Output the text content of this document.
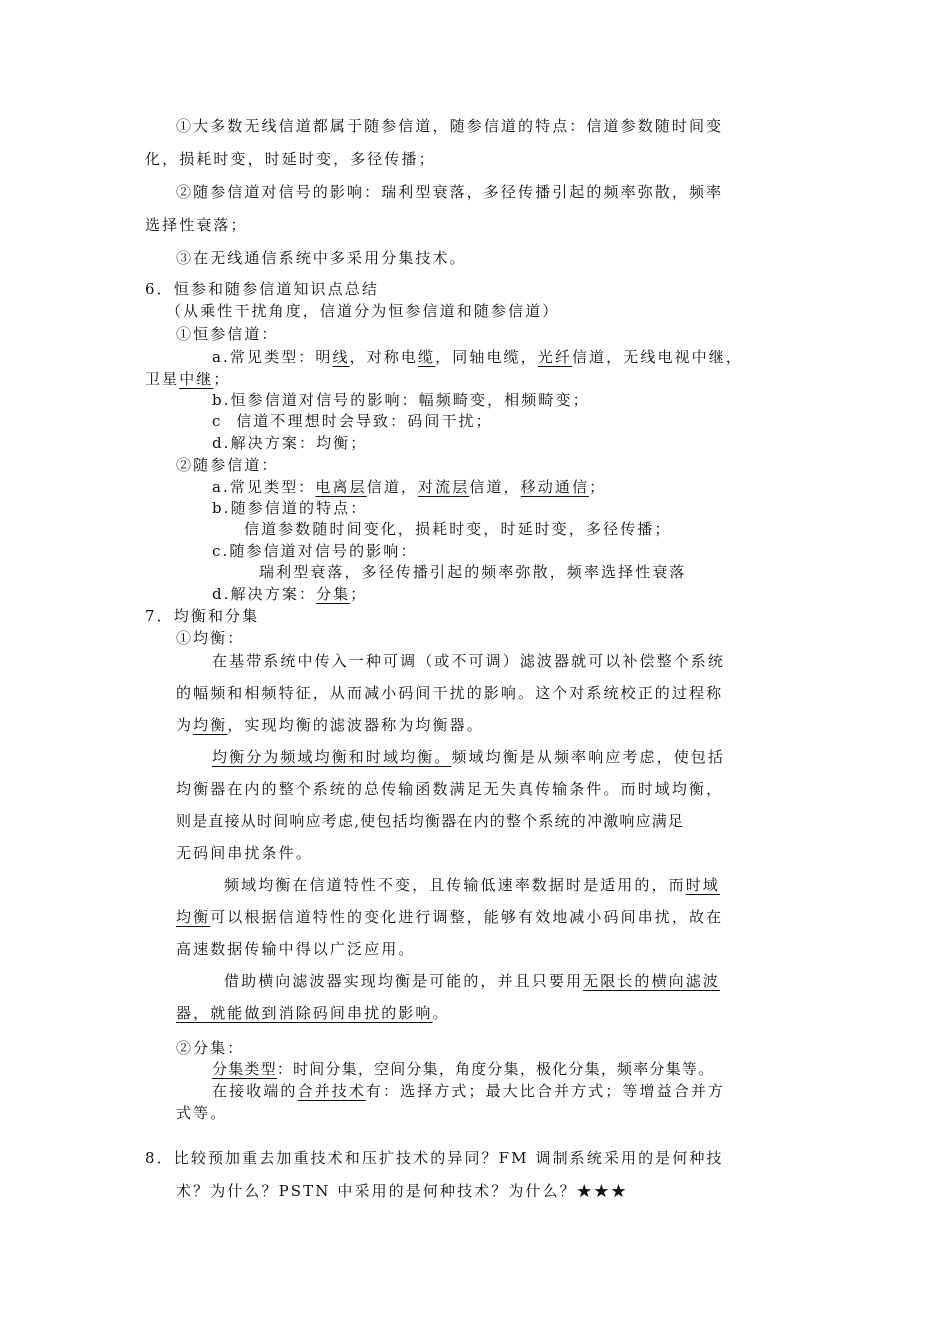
①大多数无线信道都属于随参信道，随参信道的特点：信道参数随时间变
化，损耗时变，时延时变，多径传播；
②随参信道对信号的影响：瑞利型衰落，多径传播引起的频率弥散，频率
选择性衰落；
③在无线通信系统中多采用分集技术。
6．恒参和随参信道知识点总结
（从乘性干扰角度，信道分为恒参信道和随参信道）
①恒参信道：
a.常见类型：明线，对称电缆，同轴电缆，光纤信道，无线电视中继，
卫星中继；
b.恒参信道对信号的影响：幅频畸变，相频畸变；
c  信道不理想时会导致：码间干扰；
d.解决方案：均衡；
②随参信道：
a.常见类型：电离层信道，对流层信道，移动通信；
b.随参信道的特点：
信道参数随时间变化，损耗时变，时延时变，多径传播；
c.随参信道对信号的影响：
瑞利型衰落，多径传播引起的频率弥散，频率选择性衰落
d.解决方案：分集；
7．均衡和分集
①均衡：
在基带系统中传入一种可调（或不可调）滤波器就可以补偿整个系统
的幅频和相频特征，从而减小码间干扰的影响。这个对系统校正的过程称
为均衡，实现均衡的滤波器称为均衡器。
均衡分为频域均衡和时域均衡。频域均衡是从频率响应考虑，使包括
均衡器在内的整个系统的总传输函数满足无失真传输条件。而时域均衡，
则是直接从时间响应考虑,使包括均衡器在内的整个系统的冲激响应满足
无码间串扰条件。
频域均衡在信道特性不变，且传输低速率数据时是适用的，而时域
均衡可以根据信道特性的变化进行调整，能够有效地减小码间串扰，故在
高速数据传输中得以广泛应用。
借助横向滤波器实现均衡是可能的，并且只要用无限长的横向滤波
器，就能做到消除码间串扰的影响。
②分集：
分集类型：时间分集，空间分集，角度分集，极化分集，频率分集等。
在接收端的合并技术有：选择方式；最大比合并方式；等增益合并方
式等。
8．比较预加重去加重技术和压扩技术的异同？FM 调制系统采用的是何种技
术？为什么？PSTN 中采用的是何种技术？为什么？★★★
